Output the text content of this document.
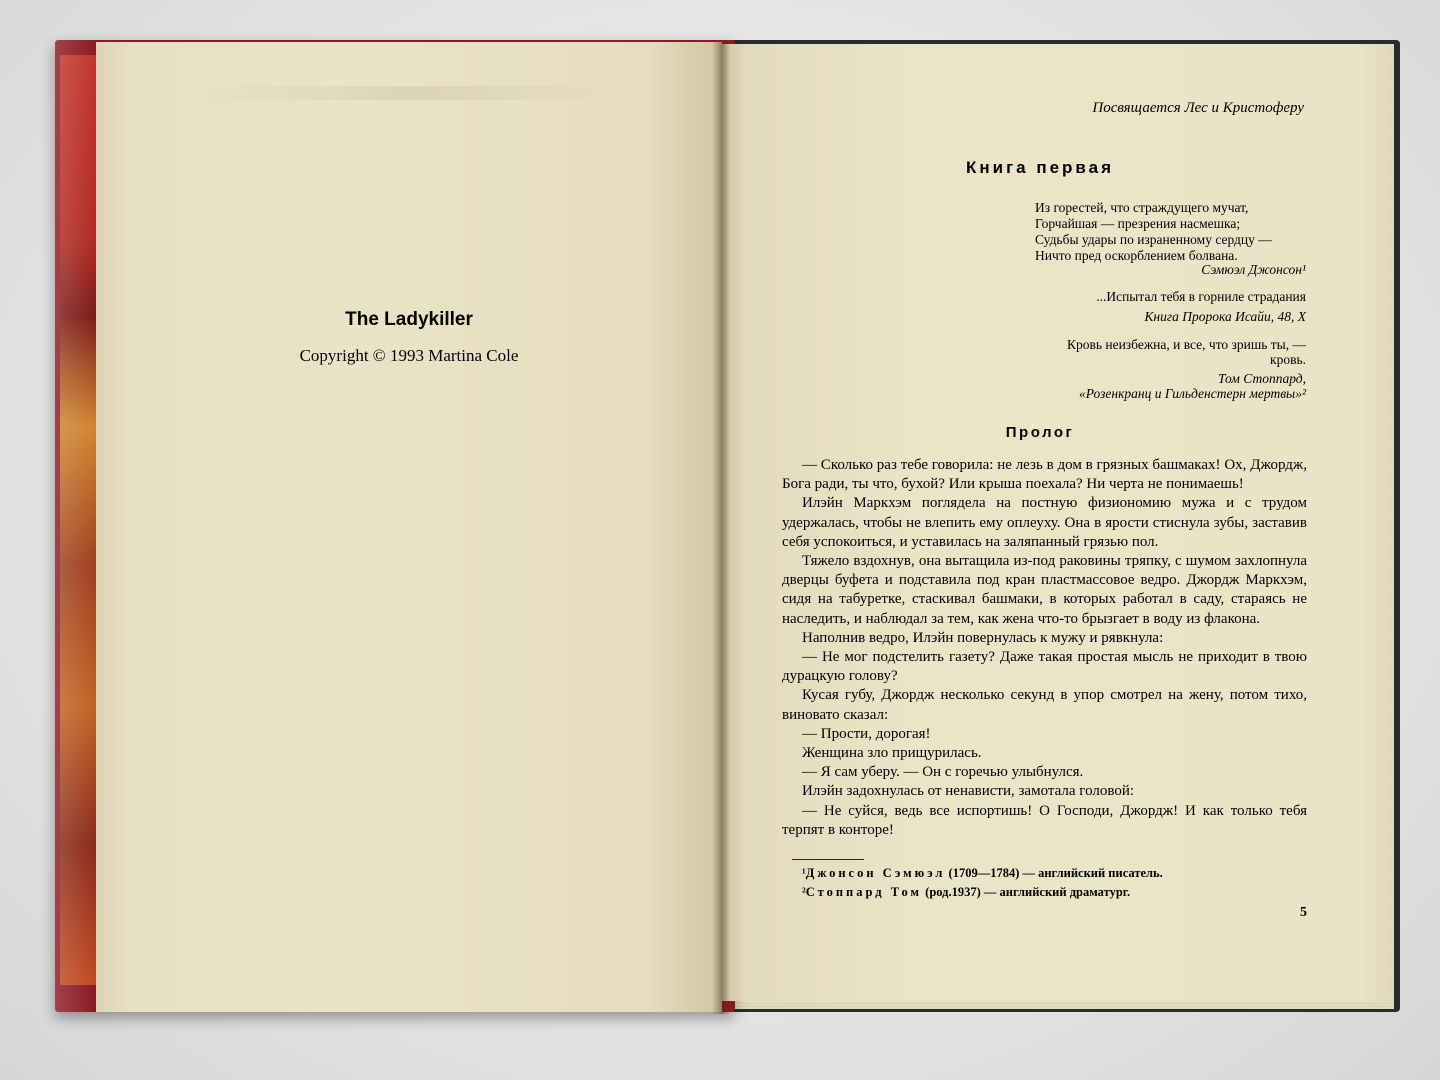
The Ladykiller
Copyright © 1993 Martina Cole
Посвящается Лес и Кристоферу
Книга первая
Из горестей, что страждущего мучат,
Горчайшая — презрения насмешка;
Судьбы удары по израненному сердцу —
Ничто пред оскорблением болвана.
Сэмюэл Джонсон¹
...Испытал тебя в горниле страдания
Книга Пророка Исайи, 48, X
Кровь неизбежна, и все, что зришь ты, —
кровь.
Том Стоппард,
«Розенкранц и Гильденстерн мертвы»²
Пролог

— Сколько раз тебе говорила: не лезь в дом в грязных башмаках! Ох, Джордж, Бога ради, ты что, бухой? Или крыша поехала? Ни черта не понимаешь!

Илэйн Маркхэм поглядела на постную физиономию мужа и с трудом удержалась, чтобы не влепить ему оплеуху. Она в ярости стиснула зубы, заставив себя успокоиться, и уставилась на заляпанный грязью пол.

Тяжело вздохнув, она вытащила из-под раковины тряпку, с шумом захлопнула дверцы буфета и подставила под кран пластмассовое ведро. Джордж Маркхэм, сидя на табуретке, стаскивал башмаки, в которых работал в саду, стараясь не наследить, и наблюдал за тем, как жена что-то брызгает в воду из флакона.

Наполнив ведро, Илэйн повернулась к мужу и рявкнула:

— Не мог подстелить газету? Даже такая простая мысль не приходит в твою дурацкую голову?

Кусая губу, Джордж несколько секунд в упор смотрел на жену, потом тихо, виновато сказал:

— Прости, дорогая!

Женщина зло прищурилась.

— Я сам уберу. — Он с горечью улыбнулся.

Илэйн задохнулась от ненависти, замотала головой:

— Не суйся, ведь все испортишь! О Господи, Джордж! И как только тебя терпят в конторе!

¹Джонсон Сэмюэл (1709—1784) — английский писатель.
²Стоппард Том (род.1937) — английский драматург.
5
